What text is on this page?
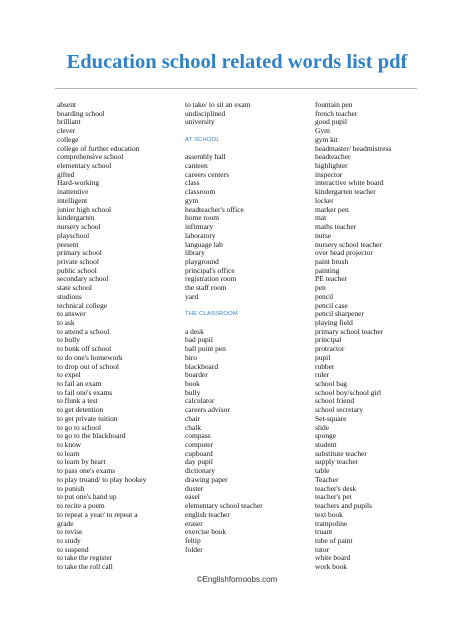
Education school related words list pdf
absent
boarding school
brilliant
clever
college
college of further education
comprehensive school
elementary school
gifted
Hard-working
inattentive
intelligent
junior high school
kindergarten
nursery school
playschool
present
primary school
private school
public school
secondary school
state school
studious
technical college
to answer
to ask
to attend a school
to bully
to bunk off school
to do one's homework
to drop out of school
to expel
to fail an exam
to fail one's exams
to flunk a test
to get detention
to get private tuition
to go to school
to go to the blackboard
to know
to learn
to learn by heart
to pass one's exams
to play truand/ to play hookey
to punish
to put one's hand up
to recite a poem
to repeat a year/ to repeat a
grade
to revise
to study
to suspend
to take the register
to take the roll call
to take/ to sit an exam
undisciplined
university
AT SCHOOL
assembly hall
canteen
careers centers
class
classroom
gym
headteacher's office
home room
infirmary
laboratory
language lab
library
playground
principal's office
registration room
the staff room
yard
THE CLASSROOM
a desk
bad pupil
ball point pen
biro
blackboard
boarder
book
bully
calculator
careers advisor
chair
chalk
compass
computer
cupboard
day pupil
dictionary
drawing paper
duster
easel
elementary school teacher
english teacher
eraser
exercise book
feltip
folder
fountain pen
french teacher
good pupil
Gym
gym kit
headmaster/ headmistress
headteacher
highlighter
inspector
interactive white board
kindergarten teacher
locker
marker pen
mat
maths teacher
nurse
nursery school teacher
over head projector
paint brush
painting
PE teacher
pen
pencil
pencil case
pencil sharpener
playing field
primary school teacher
principal
protractor
pupil
rubber
ruler
school bag
school boy/school girl
school friend
school secretary
Set-square
slide
sponge
student
substitute teacher
supply teacher
table
Teacher
teacher's desk
teacher's pet
teachers and pupils
text book
trampoline
truant
tube of paint
tutor
white board
work book
©Englishfornoobs.com
